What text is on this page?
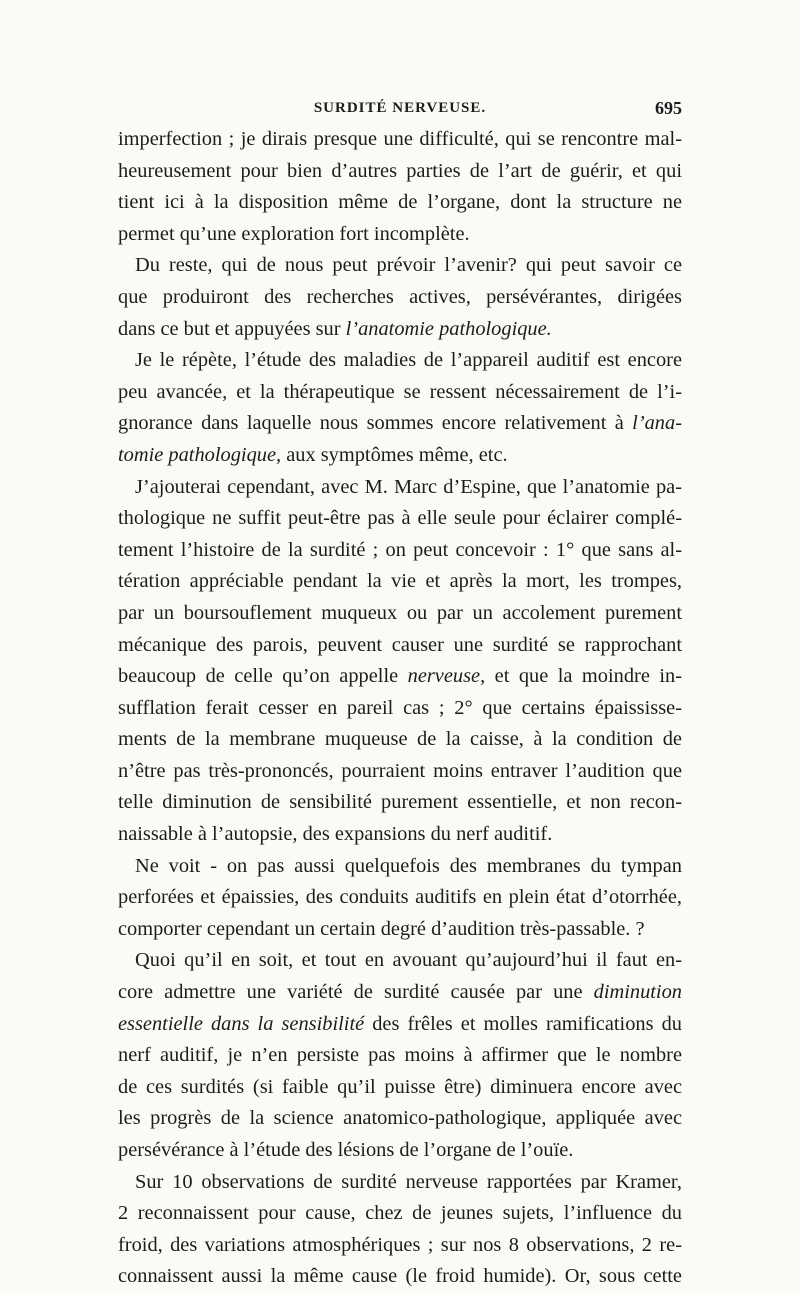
SURDITÉ NERVEUSE.	695
imperfection ; je dirais presque une difficulté, qui se rencontre mal-
heureusement pour bien d’autres parties de l’art de guérir, et qui
tient ici à la disposition même de l’organe, dont la structure ne
permet qu’une exploration fort incomplète.
Du reste, qui de nous peut prévoir l’avenir? qui peut savoir ce
que produiront des recherches actives, persévérantes, dirigées
dans ce but et appuyées sur l’anatomie pathologique.
Je le répète, l’étude des maladies de l’appareil auditif est encore
peu avancée, et la thérapeutique se ressent nécessairement de l’i-
gnorance dans laquelle nous sommes encore relativement à l’ana-
tomie pathologique, aux symptômes même, etc.
J’ajouterai cependant, avec M. Marc d’Espine, que l’anatomie pa-
thologique ne suffit peut-être pas à elle seule pour éclairer complé-
tement l’histoire de la surdité ; on peut concevoir : 1° que sans al-
tération appréciable pendant la vie et après la mort, les trompes,
par un boursouflement muqueux ou par un accolement purement
mécanique des parois, peuvent causer une surdité se rapprochant
beaucoup de celle qu’on appelle nerveuse, et que la moindre in-
sufflation ferait cesser en pareil cas ; 2° que certains épaississe-
ments de la membrane muqueuse de la caisse, à la condition de
n’être pas très-prononcés, pourraient moins entraver l’audition que
telle diminution de sensibilité purement essentielle, et non recon-
naissable à l’autopsie, des expansions du nerf auditif.
Ne voit - on pas aussi quelquefois des membranes du tympan
perforées et épaissies, des conduits auditifs en plein état d’otorrhée,
comporter cependant un certain degré d’audition très-passable. ?
Quoi qu’il en soit, et tout en avouant qu’aujourd’hui il faut en-
core admettre une variété de surdité causée par une diminution
essentielle dans la sensibilité des frêles et molles ramifications du
nerf auditif, je n’en persiste pas moins à affirmer que le nombre
de ces surdités (si faible qu’il puisse être) diminuera encore avec
les progrès de la science anatomico-pathologique, appliquée avec
persévérance à l’étude des lésions de l’organe de l’ouïe.
Sur 10 observations de surdité nerveuse rapportées par Kramer,
2 reconnaissent pour cause, chez de jeunes sujets, l’influence du
froid, des variations atmosphériques ; sur nos 8 observations, 2 re-
connaissent aussi la même cause (le froid humide). Or, sous cette
